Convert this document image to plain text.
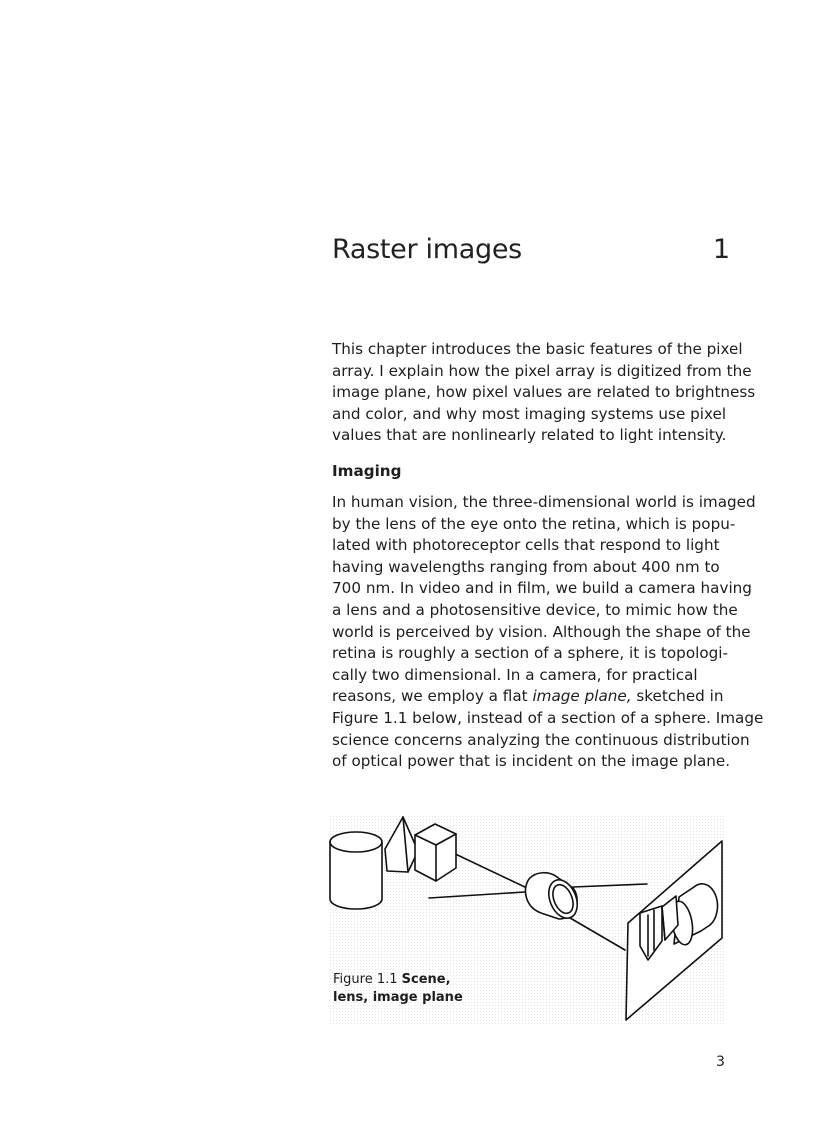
Raster images	1
This chapter introduces the basic features of the pixel
array. I explain how the pixel array is digitized from the
image plane, how pixel values are related to brightness
and color, and why most imaging systems use pixel
values that are nonlinearly related to light intensity.
Imaging
In human vision, the three-dimensional world is imaged
by the lens of the eye onto the retina, which is popu-
lated with photoreceptor cells that respond to light
having wavelengths ranging from about 400 nm to
700 nm. In video and in film, we build a camera having
a lens and a photosensitive device, to mimic how the
world is perceived by vision. Although the shape of the
retina is roughly a section of a sphere, it is topologi-
cally two dimensional. In a camera, for practical
reasons, we employ a flat image plane, sketched in
Figure 1.1 below, instead of a section of a sphere. Image
science concerns analyzing the continuous distribution
of optical power that is incident on the image plane.
Figure 1.1 Scene,
lens, image plane
3
